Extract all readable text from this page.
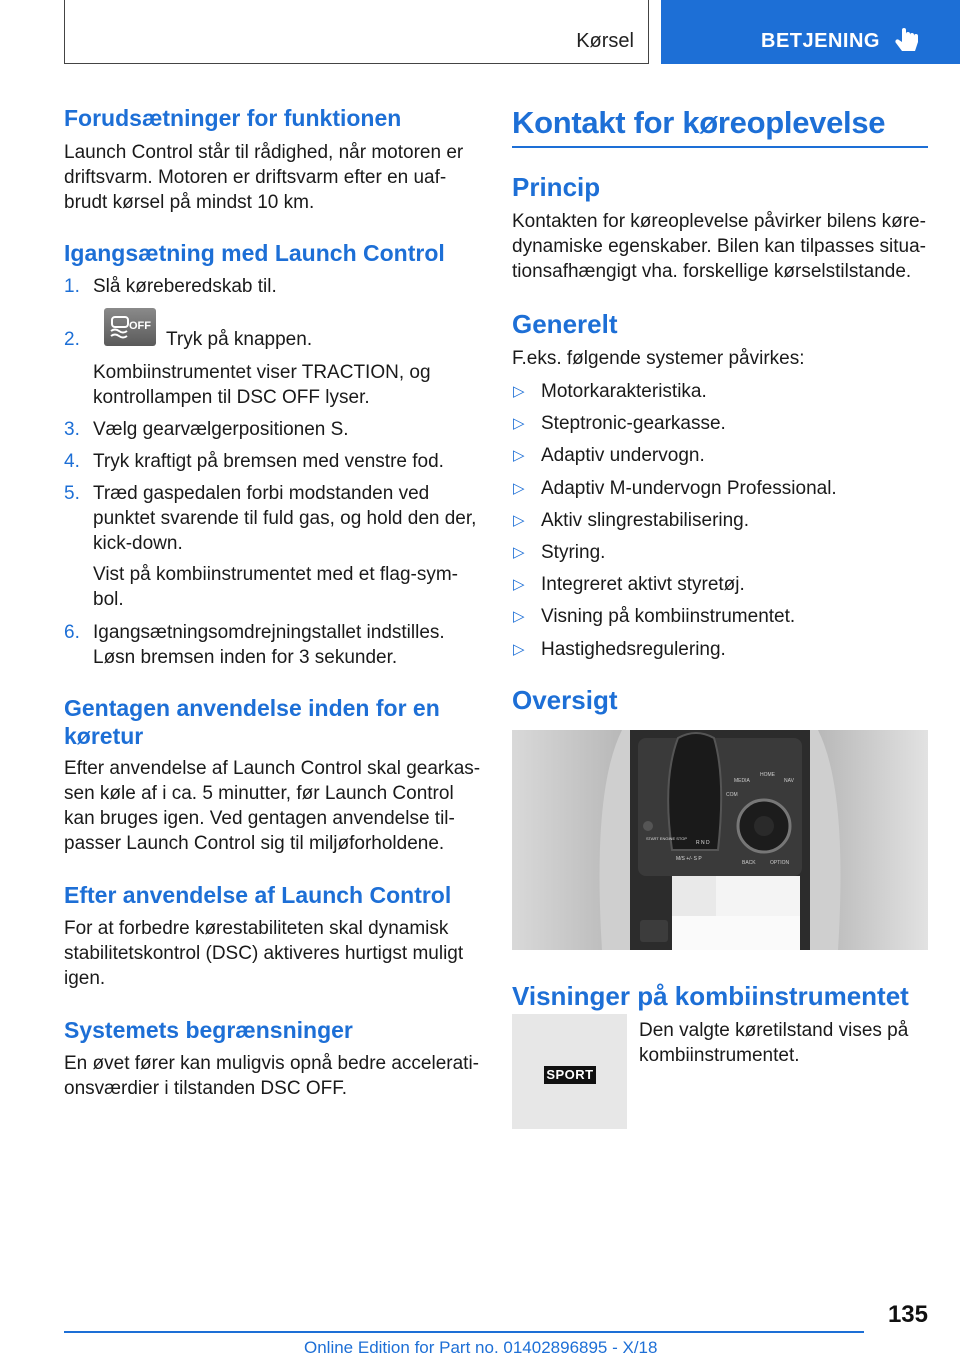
Kørsel	BETJENING
Forudsætninger for funktionen
Launch Control står til rådighed, når motoren er
driftsvarm. Motoren er driftsvarm efter en uaf-
brudt kørsel på mindst 10 km.
Igangsætning med Launch Control
1. Slå køreberedskab til.
2.
OFF
Tryk på knappen.
Kombiinstrumentet viser TRACTION, og
kontrollampen til DSC OFF lyser.
3. Vælg gearvælgerpositionen S.
4. Tryk kraftigt på bremsen med venstre fod.
5. Træd gaspedalen forbi modstanden ved
punktet svarende til fuld gas, og hold den der,
kick-down.
Vist på kombiinstrumentet med et flag-sym-
bol.
6. Igangsætningsomdrejningstallet indstilles.
Løsn bremsen inden for 3 sekunder.
Gentagen anvendelse inden for en
køretur
Efter anvendelse af Launch Control skal gearkas-
sen køle af i ca. 5 minutter, før Launch Control
kan bruges igen. Ved gentagen anvendelse til-
passer Launch Control sig til miljøforholdene.
Efter anvendelse af Launch Control
For at forbedre kørestabiliteten skal dynamisk
stabilitetskontrol (DSC) aktiveres hurtigst muligt
igen.
Systemets begrænsninger
En øvet fører kan muligvis opnå bedre accelerati-
onsværdier i tilstanden DSC OFF.
Kontakt for køreoplevelse
Princip
Kontakten for køreoplevelse påvirker bilens køre-
dynamiske egenskaber. Bilen kan tilpasses situa-
tionsafhængigt vha. forskellige kørselstilstande.
Generelt
F.eks. følgende systemer påvirkes:
▷ Motorkarakteristika.
▷ Steptronic-gearkasse.
▷ Adaptiv undervogn.
▷ Adaptiv M-undervogn Professional.
▷ Aktiv slingrestabilisering.
▷ Styring.
▷ Integreret aktivt styretøj.
▷ Visning på kombiinstrumentet.
▷ Hastighedsregulering.
Oversigt
MEDIA
HOME
NAV
COM
BACK	OPTION
START ENGINE STOP
R N D
M/S +/- S P
Visninger på kombiinstrumentet
SPORT
Den valgte køretilstand vises på
kombiinstrumentet.
135
Online Edition for Part no. 01402896895 - X/18
